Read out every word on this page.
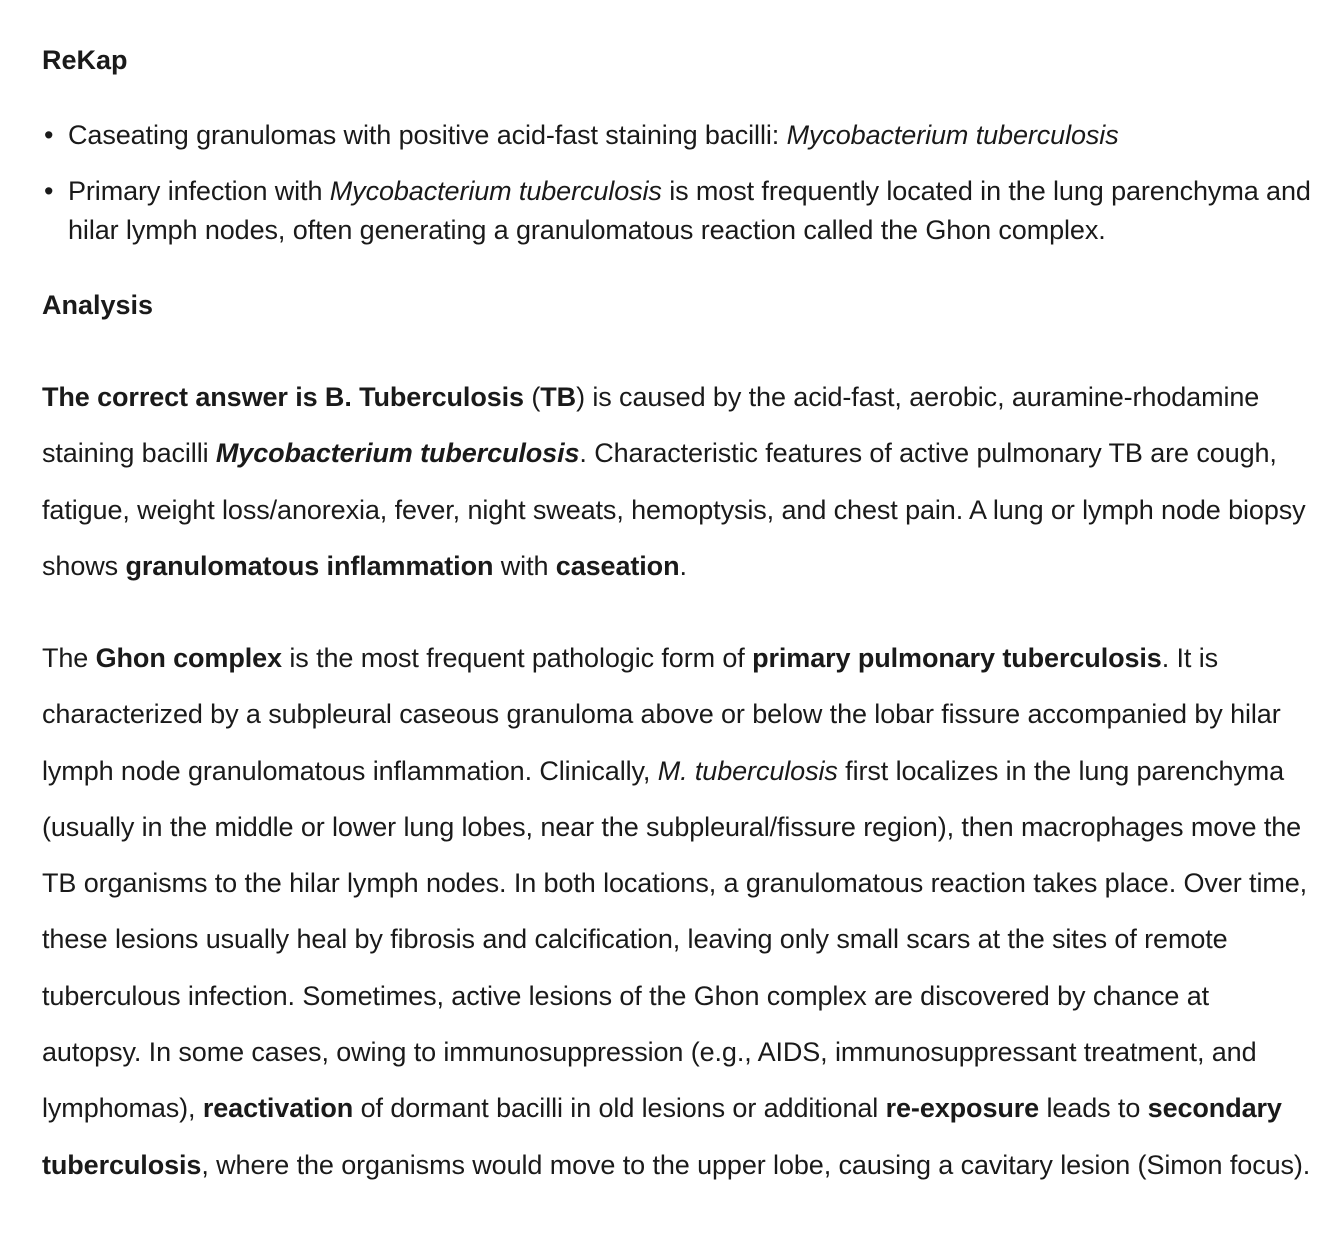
ReKap
• Caseating granulomas with positive acid-fast staining bacilli: Mycobacterium tuberculosis
• Primary infection with Mycobacterium tuberculosis is most frequently located in the lung parenchyma and hilar lymph nodes, often generating a granulomatous reaction called the Ghon complex.
Analysis

The correct answer is B. Tuberculosis (TB) is caused by the acid-fast, aerobic, auramine-rhodamine staining bacilli Mycobacterium tuberculosis. Characteristic features of active pulmonary TB are cough, fatigue, weight loss/anorexia, fever, night sweats, hemoptysis, and chest pain. A lung or lymph node biopsy shows granulomatous inflammation with caseation.

The Ghon complex is the most frequent pathologic form of primary pulmonary tuberculosis. It is characterized by a subpleural caseous granuloma above or below the lobar fissure accompanied by hilar lymph node granulomatous inflammation. Clinically, M. tuberculosis first localizes in the lung parenchyma (usually in the middle or lower lung lobes, near the subpleural/fissure region), then macrophages move the TB organisms to the hilar lymph nodes. In both locations, a granulomatous reaction takes place. Over time, these lesions usually heal by fibrosis and calcification, leaving only small scars at the sites of remote tuberculous infection. Sometimes, active lesions of the Ghon complex are discovered by chance at autopsy. In some cases, owing to immunosuppression (e.g., AIDS, immunosuppressant treatment, and lymphomas), reactivation of dormant bacilli in old lesions or additional re-exposure leads to secondary tuberculosis, where the organisms would move to the upper lobe, causing a cavitary lesion (Simon focus).
